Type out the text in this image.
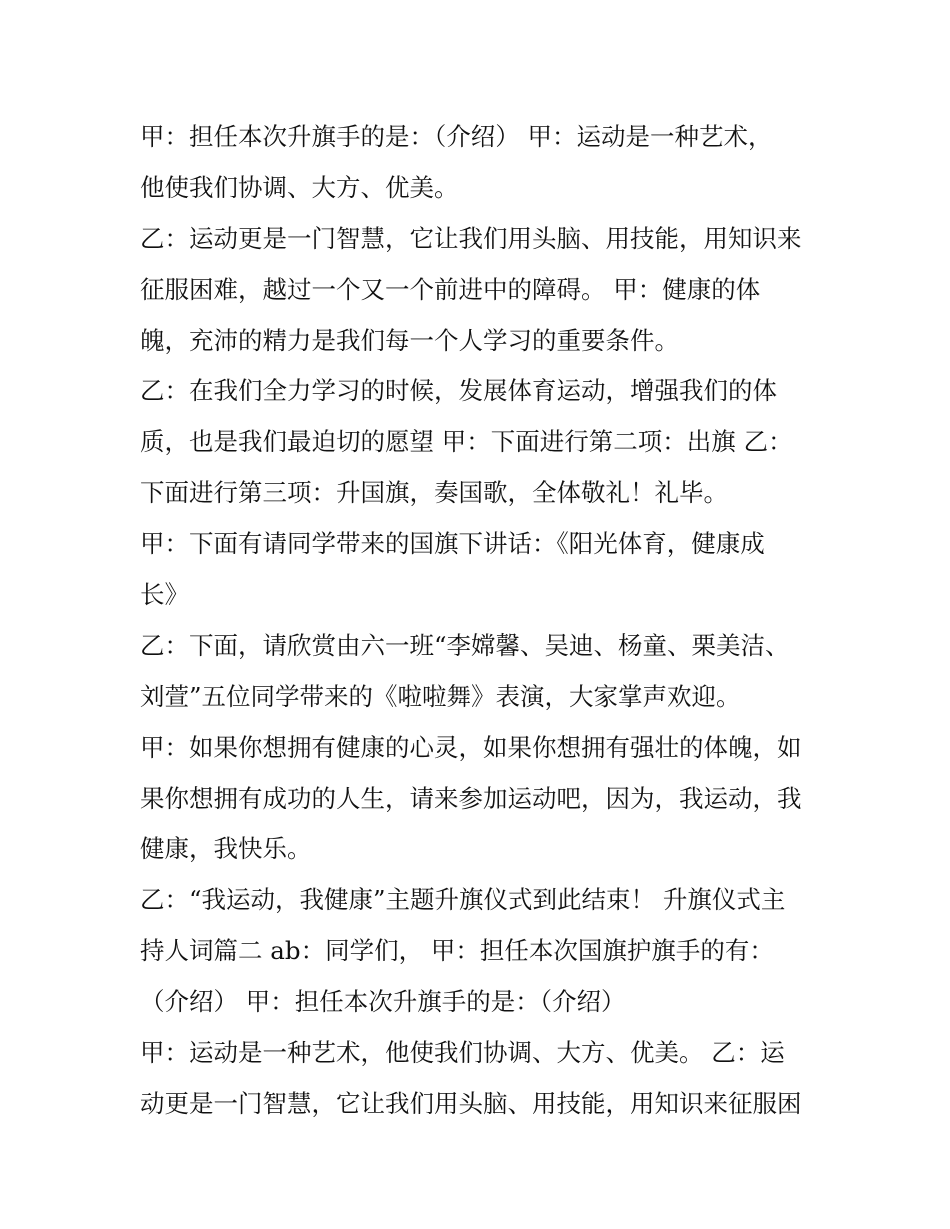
甲：担任本次升旗手的是：（介绍） 甲：运动是一种艺术，
他使我们协调、大方、优美。
乙：运动更是一门智慧，它让我们用头脑、用技能，用知识来
征服困难，越过一个又一个前进中的障碍。 甲：健康的体
魄，充沛的精力是我们每一个人学习的重要条件。
乙：在我们全力学习的时候，发展体育运动，增强我们的体
质，也是我们最迫切的愿望 甲：下面进行第二项：出旗 乙：
下面进行第三项：升国旗，奏国歌，全体敬礼！礼毕。
甲：下面有请同学带来的国旗下讲话：《阳光体育，健康成
长》
乙：下面，请欣赏由六一班“李嫦馨、吴迪、杨童、栗美洁、
刘萱”五位同学带来的《啦啦舞》表演，大家掌声欢迎。
甲：如果你想拥有健康的心灵，如果你想拥有强壮的体魄，如
果你想拥有成功的人生，请来参加运动吧，因为，我运动，我
健康，我快乐。
乙：“我运动，我健康”主题升旗仪式到此结束！ 升旗仪式主
持人词篇二 ab：同学们， 甲：担任本次国旗护旗手的有：
（介绍） 甲：担任本次升旗手的是：（介绍）
甲：运动是一种艺术，他使我们协调、大方、优美。 乙：运
动更是一门智慧，它让我们用头脑、用技能，用知识来征服困
